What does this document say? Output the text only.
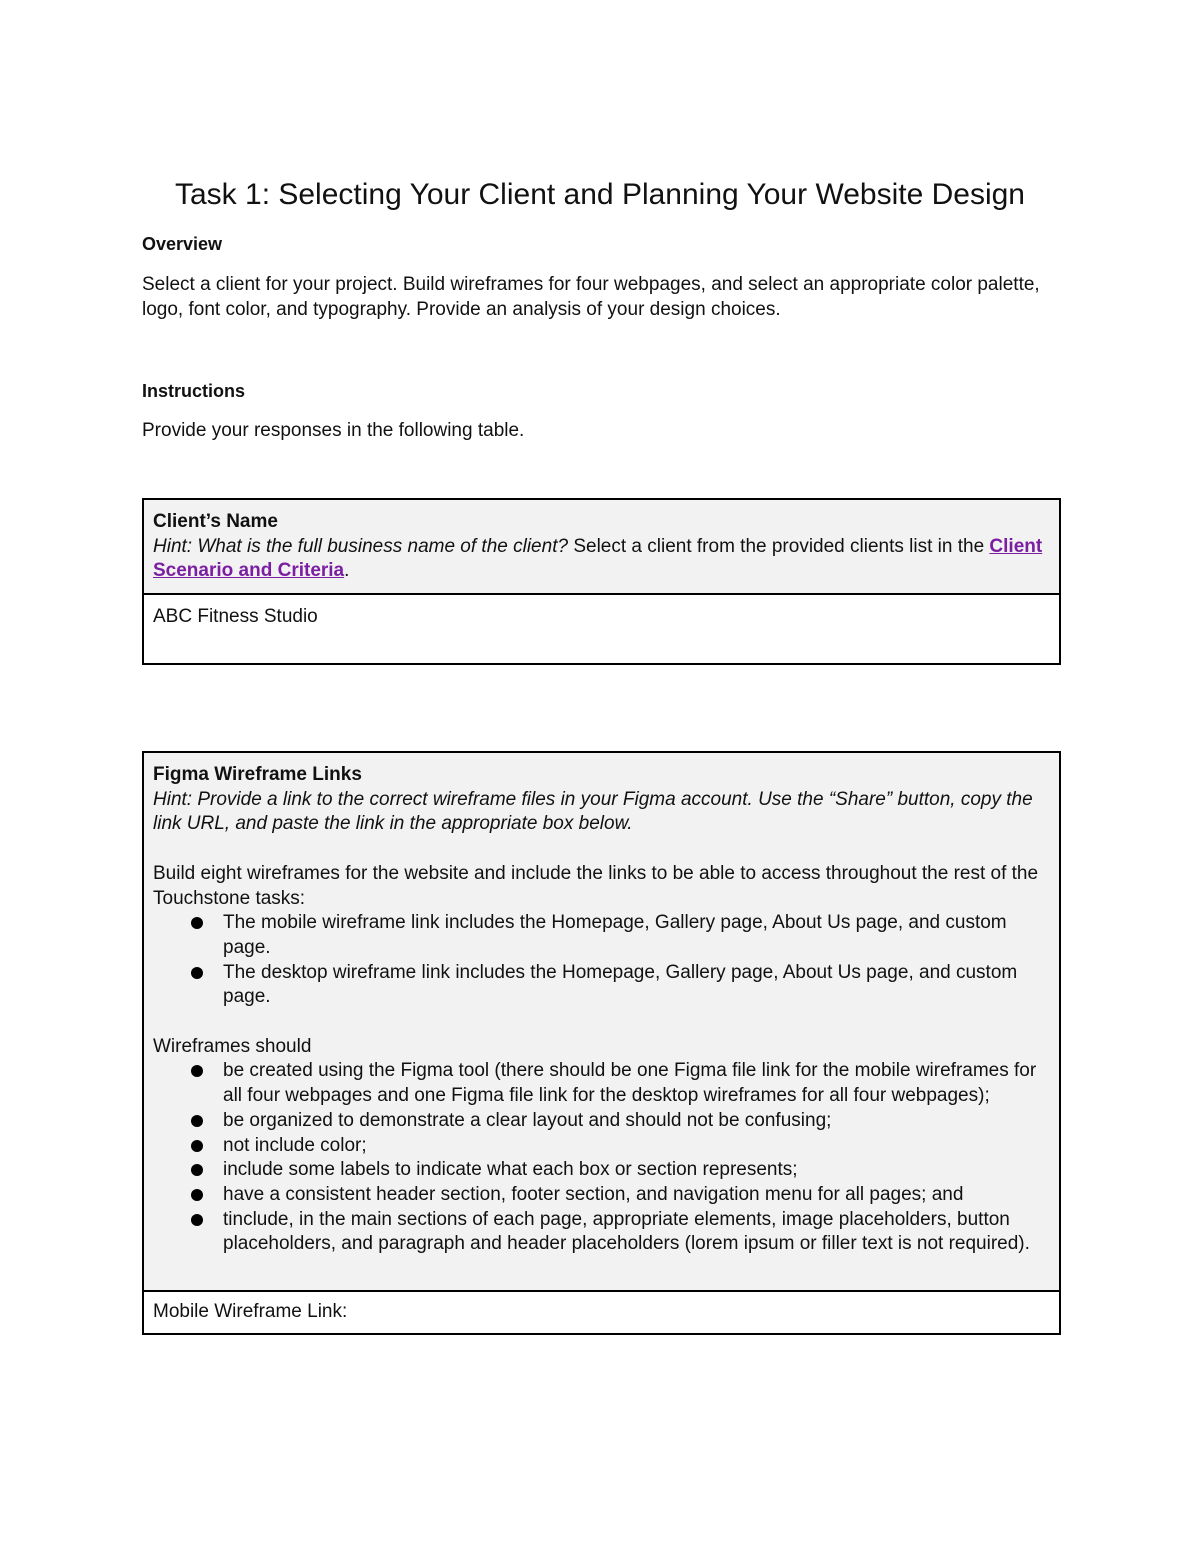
Task 1: Selecting Your Client and Planning Your Website Design
Overview

Select a client for your project. Build wireframes for four webpages, and select an appropriate color palette, logo, font color, and typography. Provide an analysis of your design choices.

Instructions

Provide your responses in the following table.

Client’s Name
Hint: What is the full business name of the client? Select a client from the provided clients list in the Client Scenario and Criteria.
ABC Fitness Studio
Figma Wireframe Links
Hint: Provide a link to the correct wireframe files in your Figma account. Use the “Share” button, copy the link URL, and paste the link in the appropriate box below.
Build eight wireframes for the website and include the links to be able to access throughout the rest of the Touchstone tasks:
The mobile wireframe link includes the Homepage, Gallery page, About Us page, and custom page.
The desktop wireframe link includes the Homepage, Gallery page, About Us page, and custom page.
Wireframes should
be created using the Figma tool (there should be one Figma file link for the mobile wireframes for all four webpages and one Figma file link for the desktop wireframes for all four webpages);
be organized to demonstrate a clear layout and should not be confusing;
not include color;
include some labels to indicate what each box or section represents;
have a consistent header section, footer section, and navigation menu for all pages; and
tinclude, in the main sections of each page, appropriate elements, image placeholders, button placeholders, and paragraph and header placeholders (lorem ipsum or filler text is not required).
Mobile Wireframe Link:
